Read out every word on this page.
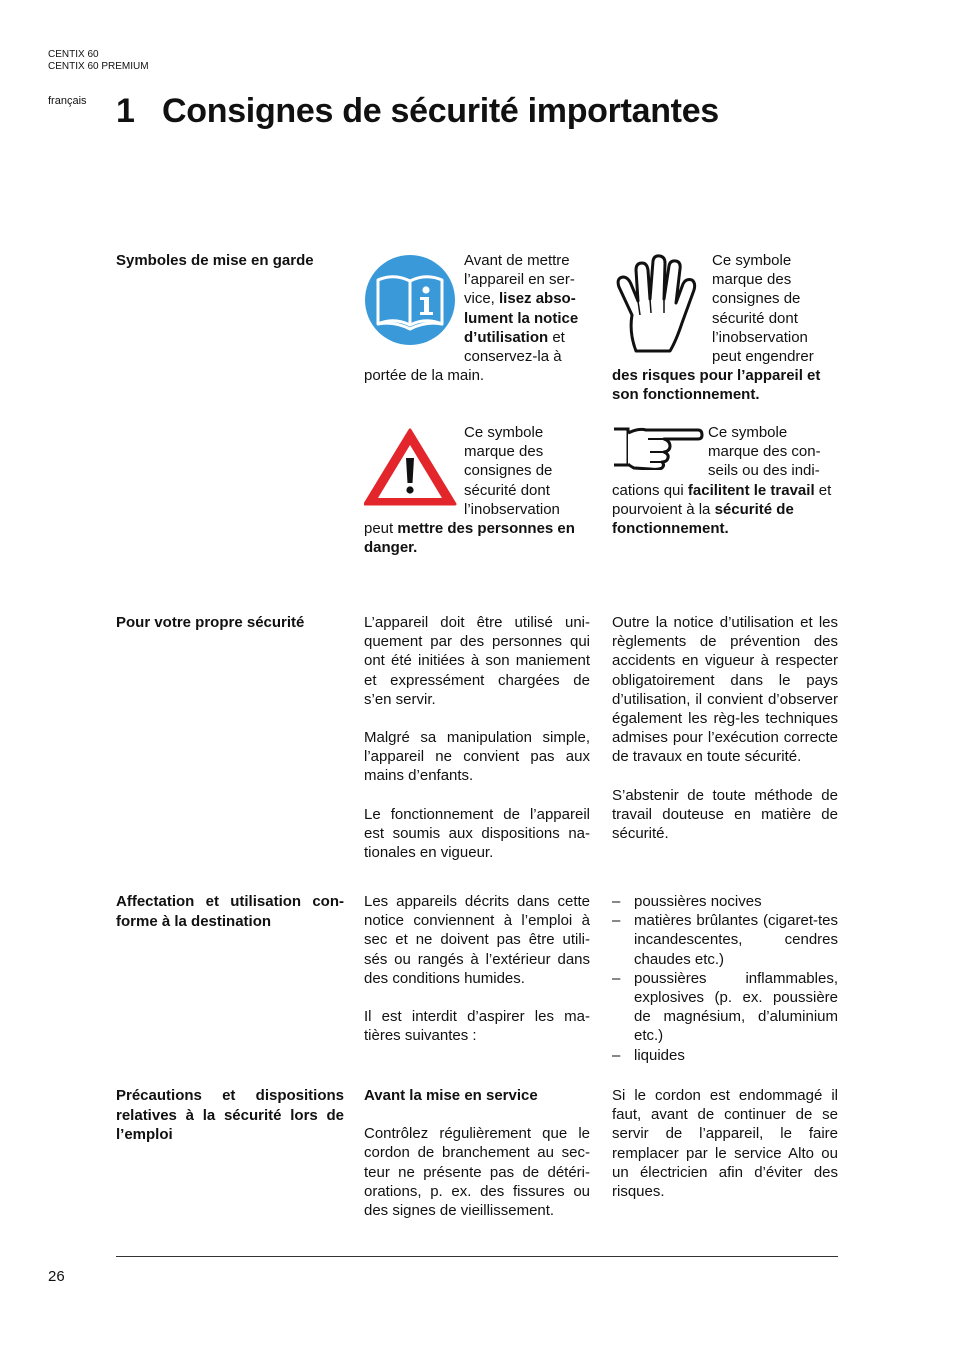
CENTIX 60
CENTIX 60 PREMIUM
français 1 Consignes de sécurité importantes
Symboles de mise en garde	Avant de mettre l’appareil en ser-vice, lisez abso-lument la notice d’utilisation et conservez-la à portée de la main.
Ce symbole marque des consignes de sécurité dont l’inobservation peut engendrer des risques pour l’appareil et son fonctionnement.
Ce symbole marque des consignes de sécurité dont l’inobservation peut mettre des personnes en danger.
Ce symbole marque des con-seils ou des indi-cations qui facilitent le travail et pourvoient à la sécurité de fonctionnement.
Pour votre propre sécurité	L’appareil doit être utilisé uni-quement par des personnes qui ont été initiées à son maniement et expressément chargées de s’en servir.

Malgré sa manipulation simple, l’appareil ne convient pas aux mains d’enfants.

Le fonctionnement de l’appareil est soumis aux dispositions na-tionales en vigueur.

Outre la notice d’utilisation et les règlements de prévention des accidents en vigueur à respecter obligatoirement dans le pays d’utilisation, il convient d’observer également les règ-les techniques admises pour l’exécution correcte de travaux en toute sécurité.

S’abstenir de toute méthode de travail douteuse en matière de sécurité.

Affectation et utilisation con-forme à la destination

Les appareils décrits dans cette notice conviennent à l’emploi à sec et ne doivent pas être utili-sés ou rangés à l’extérieur dans des conditions humides.

Il est interdit d’aspirer les ma-tières suivantes :

– poussières nocives
– matières brûlantes (cigaret-tes incandescentes, cendres chaudes etc.)
– poussières inflammables, explosives (p. ex. poussière de magnésium, d’aluminium etc.)
– liquides
Précautions et dispositions relatives à la sécurité lors de l’emploi

Avant la mise en service

Contrôlez régulièrement que le cordon de branchement au sec-teur ne présente pas de détéri-orations, p. ex. des fissures ou des signes de vieillissement.

Si le cordon est endommagé il faut, avant de continuer de se servir de l’appareil, le faire remplacer par le service Alto ou un électricien afin d’éviter des risques.

26
